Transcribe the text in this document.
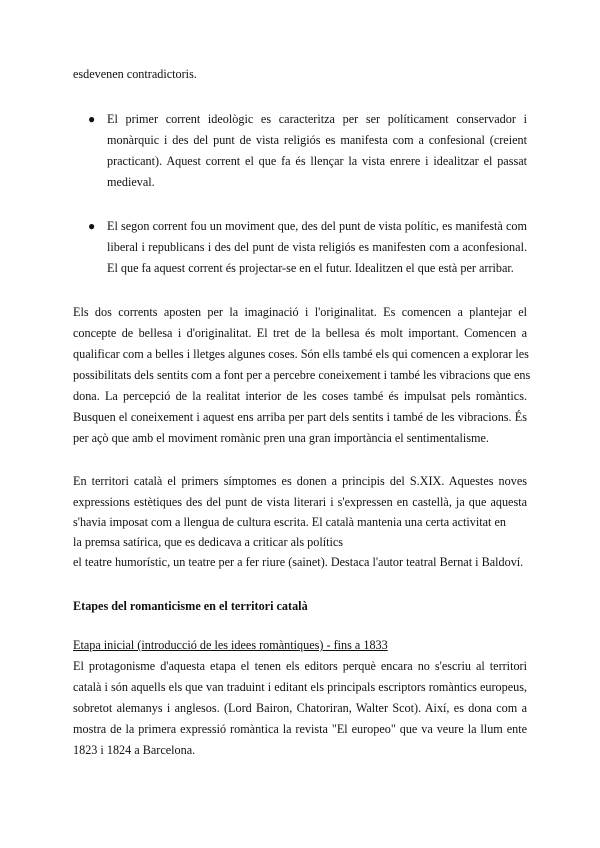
esdevenen contradictoris.
● El primer corrent ideològic es caracteritza per ser políticament conservador i
monàrquic i des del punt de vista religiós es manifesta com a confesional (creient
practicant). Aquest corrent el que fa és llençar la vista enrere i idealitzar el passat
medieval.
● El segon corrent fou un moviment que, des del punt de vista polític, es manifestà com
liberal i republicans i des del punt de vista religiós es manifesten com a aconfesional.
El que fa aquest corrent és projectar-se en el futur. Idealitzen el que està per arribar.
Els dos corrents aposten per la imaginació i l'originalitat. Es comencen a plantejar el
concepte de bellesa i d'originalitat. El tret de la bellesa és molt important. Comencen a
qualificar com a belles i lletges algunes coses. Són ells també els qui comencen a explorar les
possibilitats dels sentits com a font per a percebre coneixement i també les vibracions que ens
dona. La percepció de la realitat interior de les coses també és impulsat pels romàntics.
Busquen el coneixement i aquest ens arriba per part dels sentits i també de les vibracions. És
per açò que amb el moviment romànic pren una gran importància el sentimentalisme.
En territori català el primers símptomes es donen a principis del S.XIX. Aquestes noves
expressions estètiques des del punt de vista literari i s'expressen en castellà, ja que aquesta
s'havia imposat com a llengua de cultura escrita. El català mantenia una certa activitat en
la premsa satírica, que es dedicava a criticar als polítics
el teatre humorístic, un teatre per a fer riure (sainet). Destaca l'autor teatral Bernat i Baldoví.
Etapes del romanticisme en el territori català
Etapa inicial (introducció de les idees romàntiques) - fins a 1833
El protagonisme d'aquesta etapa el tenen els editors perquè encara no s'escriu al territori
català i són aquells els que van traduint i editant els principals escriptors romàntics europeus,
sobretot alemanys i anglesos. (Lord Bairon, Chatoriran, Walter Scot). Així, es dona com a
mostra de la primera expressió romàntica la revista "El europeo" que va veure la llum ente
1823 i 1824 a Barcelona.
